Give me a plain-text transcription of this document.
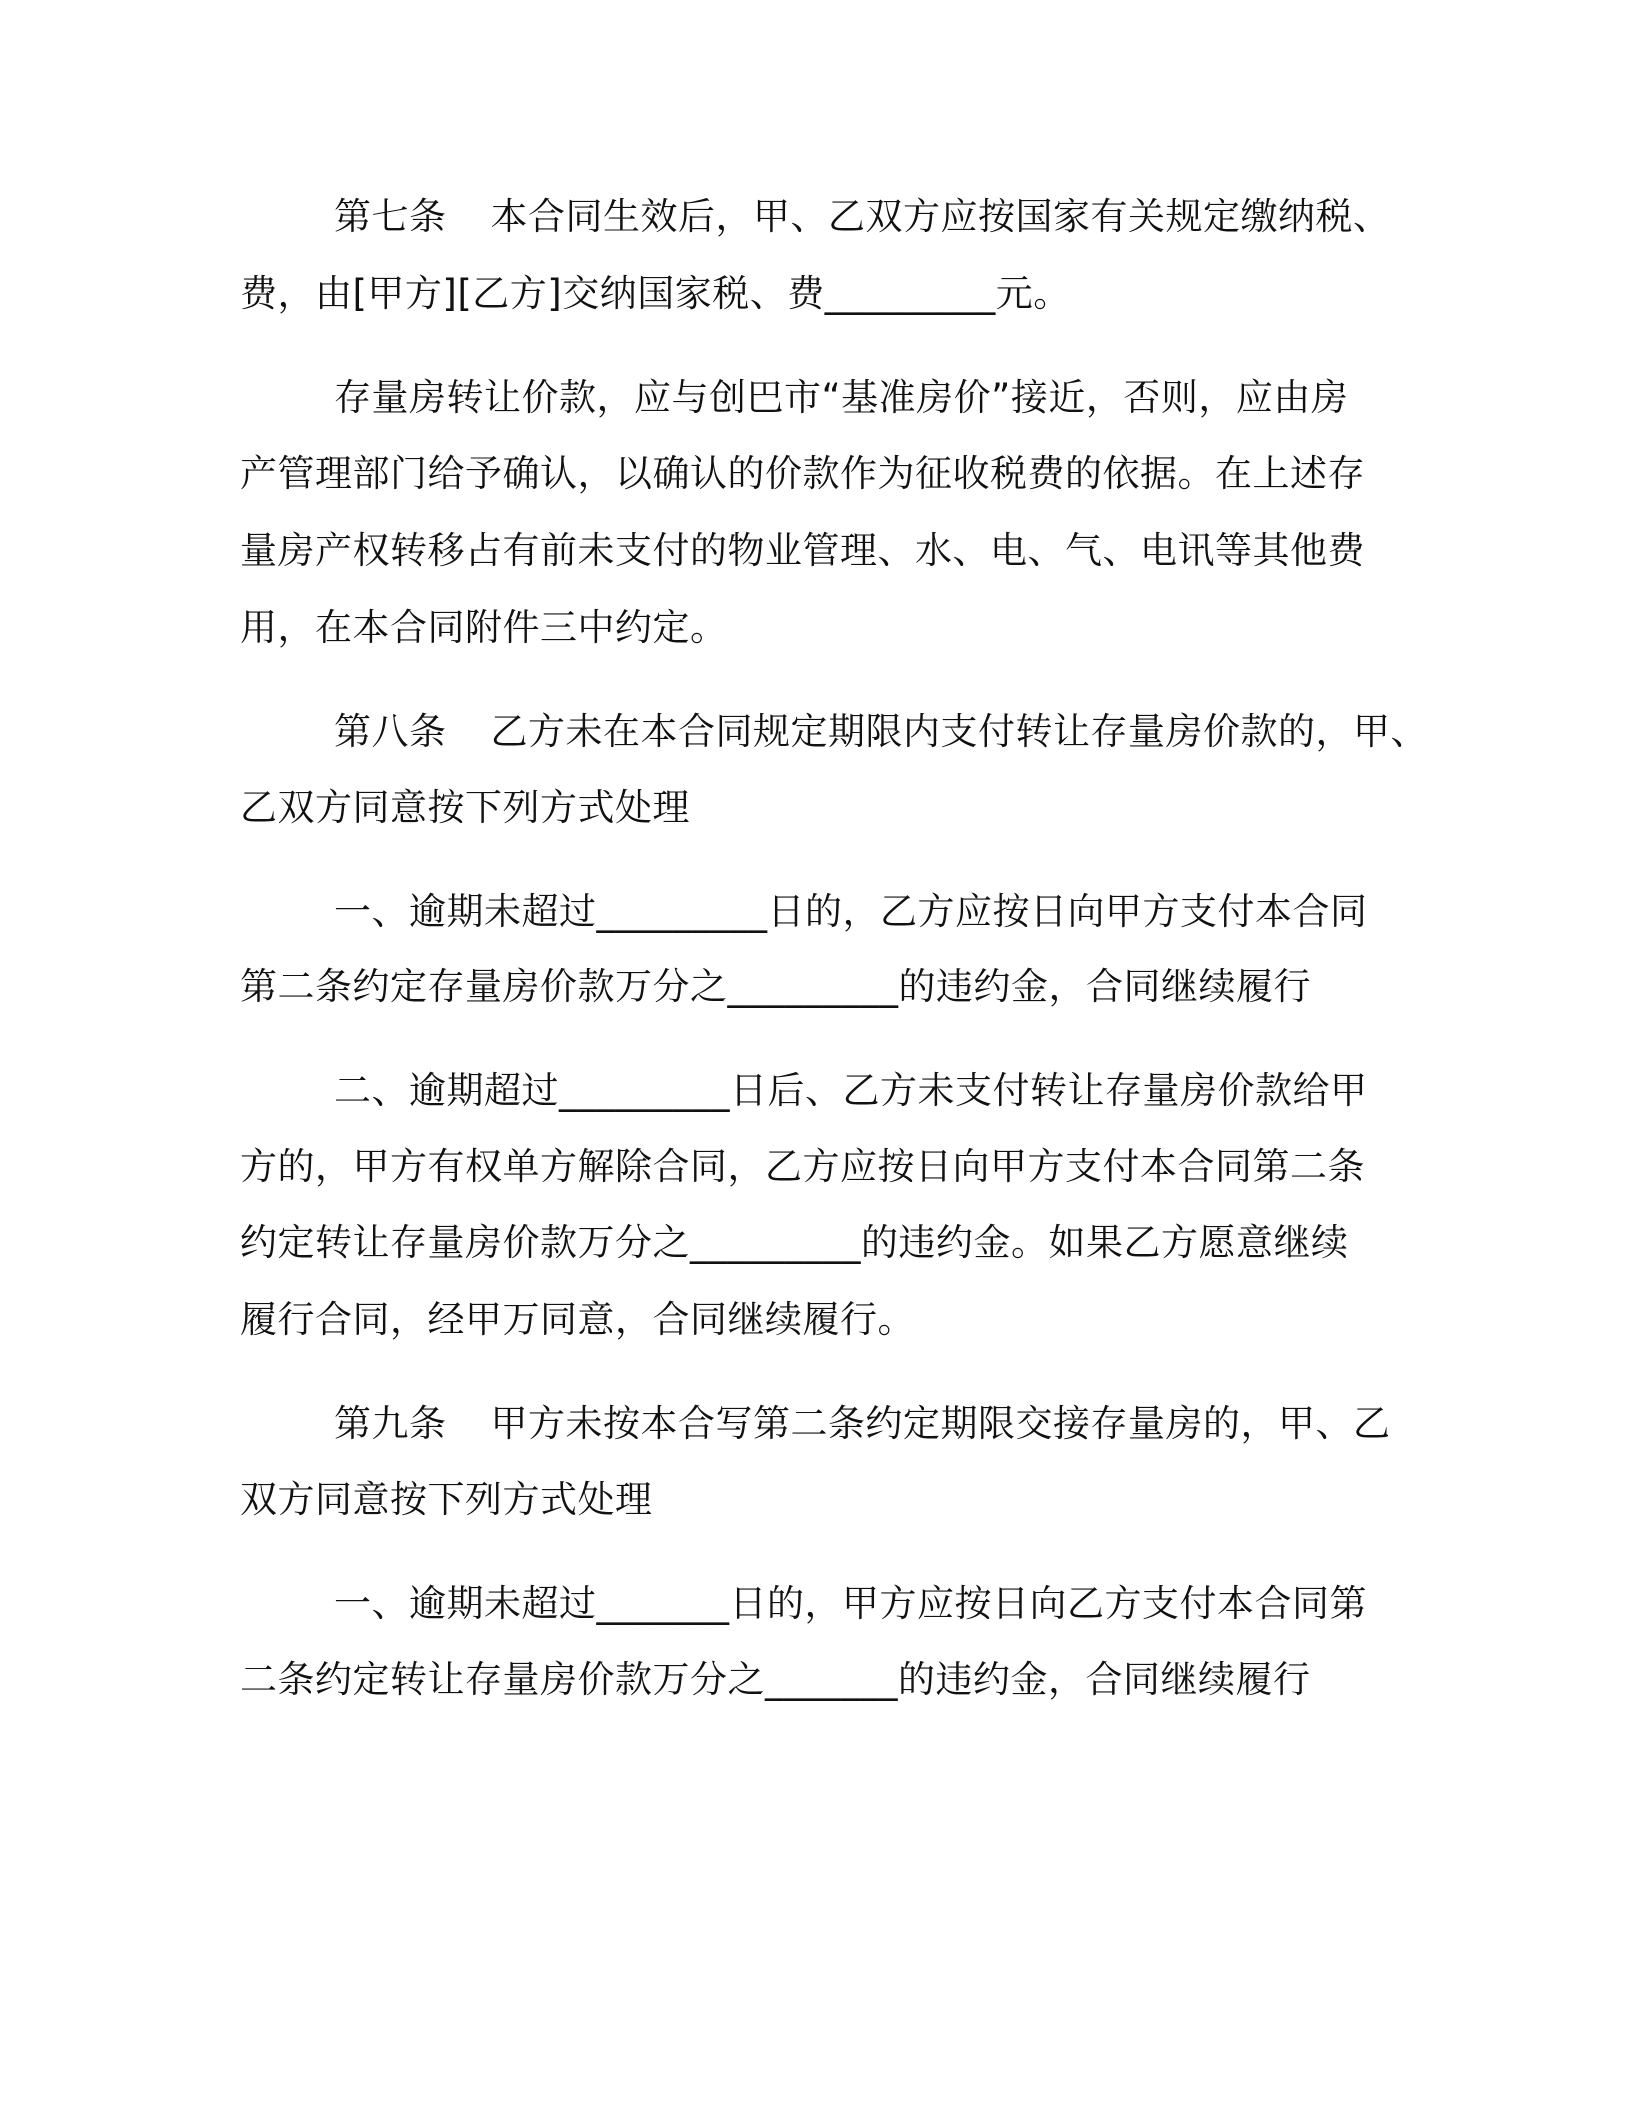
第七条 本合同生效后，甲、乙双方应按国家有关规定缴纳税、
费，由[甲方][乙方]交纳国家税、费_________元。
存量房转让价款，应与创巴市“基准房价”接近，否则，应由房
产管理部门给予确认，以确认的价款作为征收税费的依据。在上述存
量房产权转移占有前未支付的物业管理、水、电、气、电讯等其他费
用，在本合同附件三中约定。
第八条 乙方未在本合同规定期限内支付转让存量房价款的，甲、
乙双方同意按下列方式处理
一、逾期未超过_________日的，乙方应按日向甲方支付本合同
第二条约定存量房价款万分之_________的违约金，合同继续履行
二、逾期超过_________日后、乙方未支付转让存量房价款给甲
方的，甲方有权单方解除合同，乙方应按日向甲方支付本合同第二条
约定转让存量房价款万分之_________的违约金。如果乙方愿意继续
履行合同，经甲万同意，合同继续履行。
第九条 甲方未按本合写第二条约定期限交接存量房的，甲、乙
双方同意按下列方式处理
一、逾期未超过_______日的，甲方应按日向乙方支付本合同第
二条约定转让存量房价款万分之_______的违约金，合同继续履行
